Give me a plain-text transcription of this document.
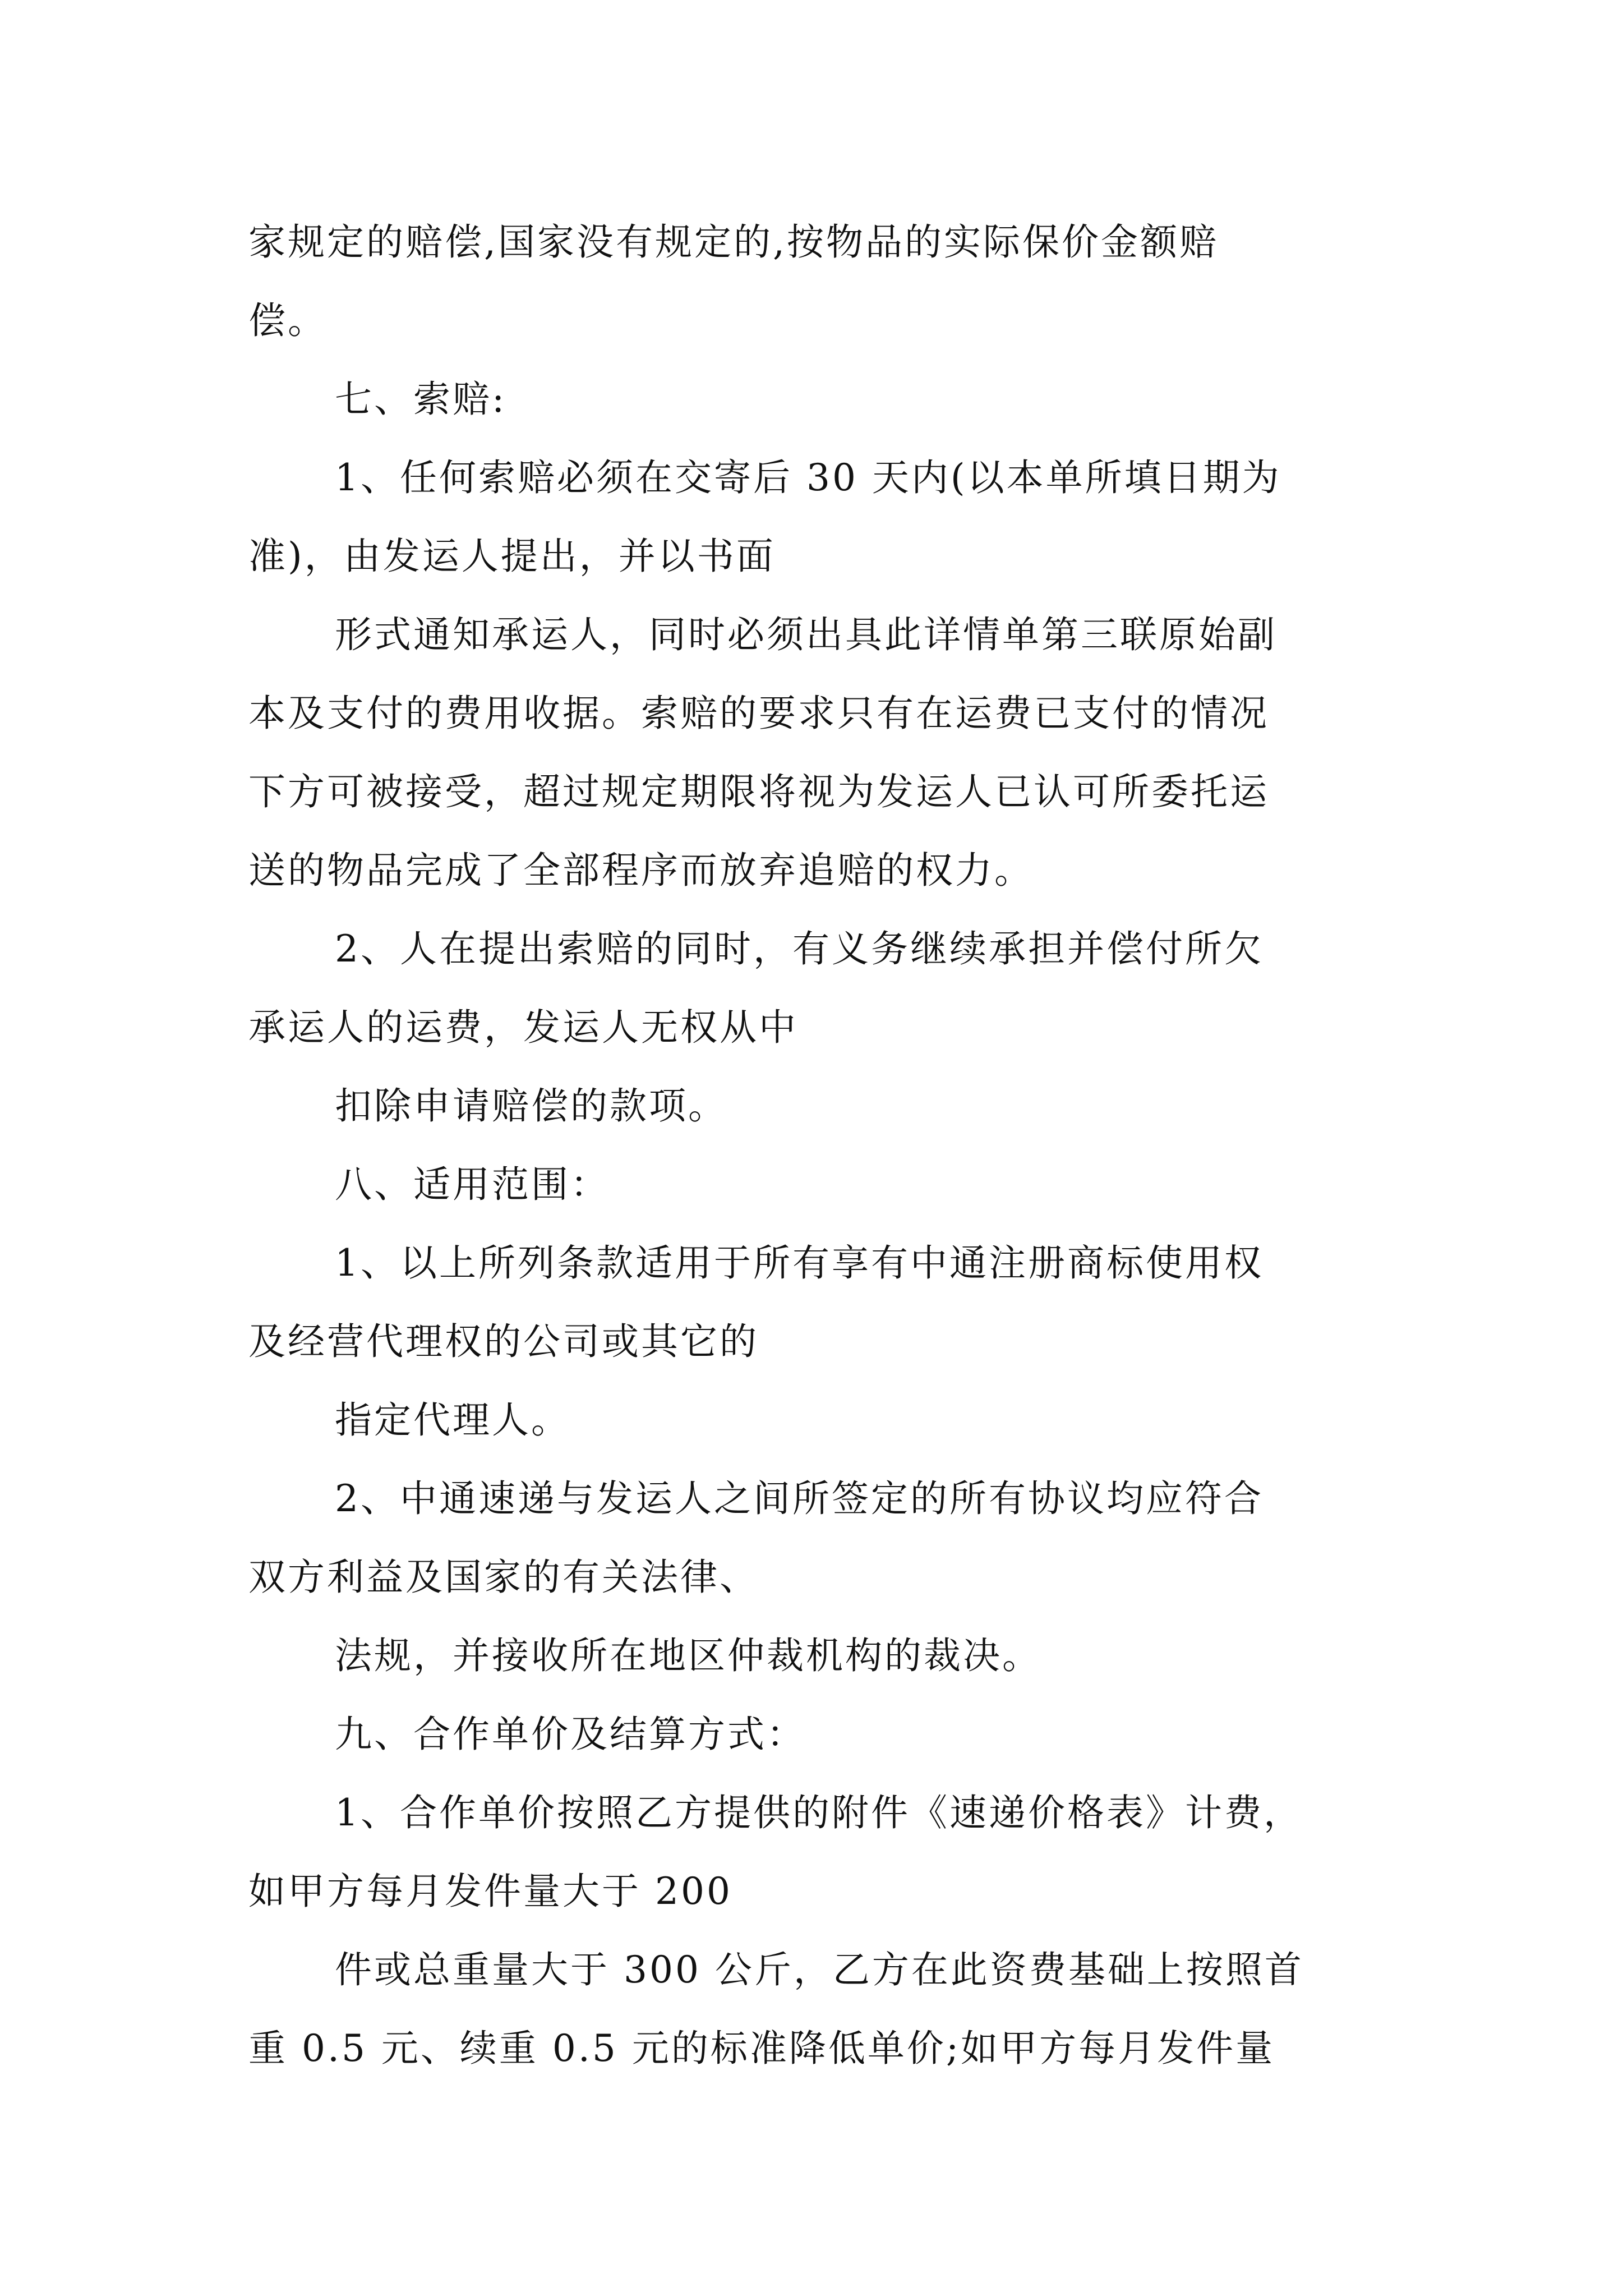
家规定的赔偿,国家没有规定的,按物品的实际保价金额赔
偿。
七、索赔:
1、任何索赔必须在交寄后 30 天内(以本单所填日期为
准)，由发运人提出，并以书面
形式通知承运人，同时必须出具此详情单第三联原始副
本及支付的费用收据。索赔的要求只有在运费已支付的情况
下方可被接受，超过规定期限将视为发运人已认可所委托运
送的物品完成了全部程序而放弃追赔的权力。
2、人在提出索赔的同时，有义务继续承担并偿付所欠
承运人的运费，发运人无权从中
扣除申请赔偿的款项。
八、适用范围：
1、以上所列条款适用于所有享有中通注册商标使用权
及经营代理权的公司或其它的
指定代理人。
2、中通速递与发运人之间所签定的所有协议均应符合
双方利益及国家的有关法律、
法规，并接收所在地区仲裁机构的裁决。
九、合作单价及结算方式：
1、合作单价按照乙方提供的附件《速递价格表》计费，
如甲方每月发件量大于 200
件或总重量大于 300 公斤，乙方在此资费基础上按照首
重 0.5 元、续重 0.5 元的标准降低单价;如甲方每月发件量
